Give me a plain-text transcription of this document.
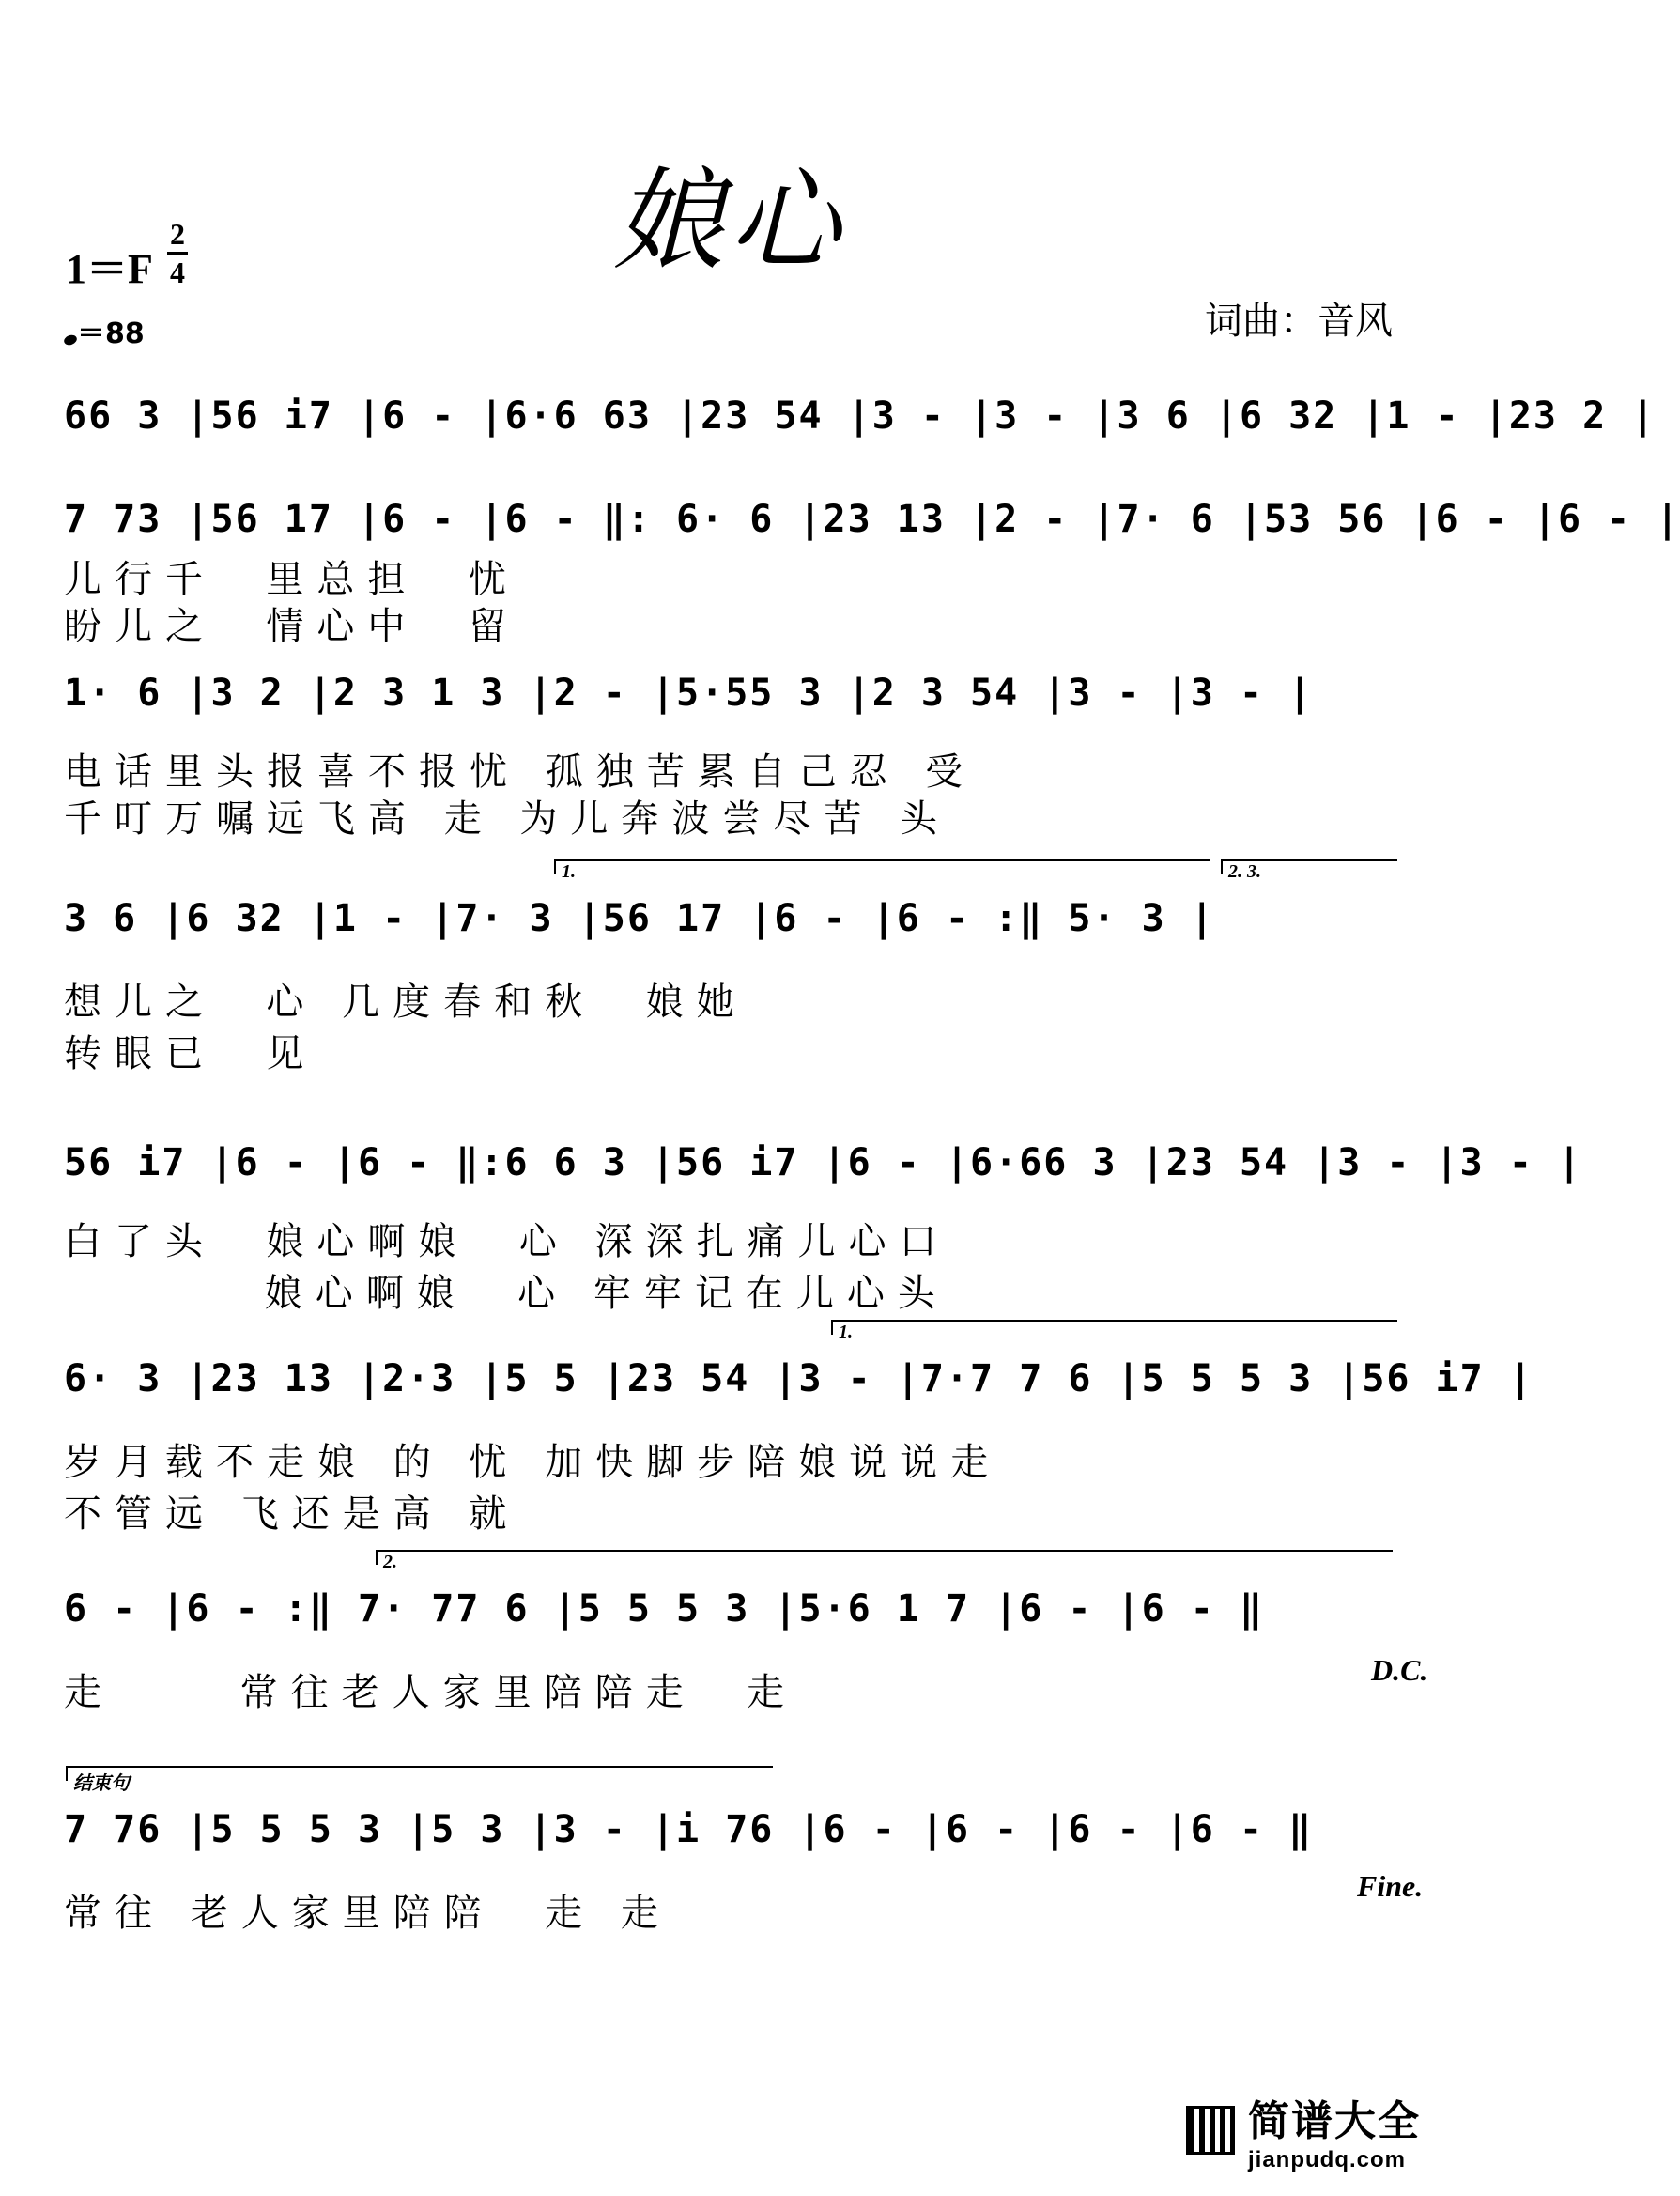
娘心
1＝F
2
4
＝88	词曲：音风
66 3 |56 i7 |6 - |6·6 63 |23 54 |3 - |3 - |3 6 |6 32 |1 - |23 2 |
7 73 |56 17 |6 - |6 - ‖: 6· 6 |23 13 |2 - |7· 6 |53 56 |6 - |6 - |
儿行千  里总担  忧
盼儿之  情心中  留
1· 6 |3 2 |2 3 1 3 |2 - |5·55 3 |2 3 54 |3 - |3 - |
电话里头报喜不报忧 孤独苦累自己忍 受
千叮万嘱远飞高 走 为儿奔波尝尽苦 头
1.	2. 3.
3 6 |6 32 |1 - |7· 3 |56 17 |6 - |6 - :‖ 5· 3 |
想儿之  心 几度春和秋  娘她
转眼已  见
56 i7 |6 - |6 - ‖:6 6 3 |56 i7 |6 - |6·66 3 |23 54 |3 - |3 - |
白了头  娘心啊娘  心 深深扎痛儿心口
娘心啊娘  心 牢牢记在儿心头
1.
6· 3 |23 13 |2·3 |5 5 |23 54 |3 - |7·7 7 6 |5 5 5 3 |56 i7 |
岁月载不走娘 的 忧 加快脚步陪娘说说走
不管远 飞还是高 就
2.
6 - |6 - :‖ 7· 77 6 |5 5 5 3 |5·6 1 7 |6 - |6 - ‖
走     常往老人家里陪陪走  走
D.C.
结束句
7 76 |5 5 5 3 |5 3 |3 - |i 76 |6 - |6 - |6 - |6 - ‖
常往 老人家里陪陪  走 走
Fine.

简谱大全
jianpudq.com
